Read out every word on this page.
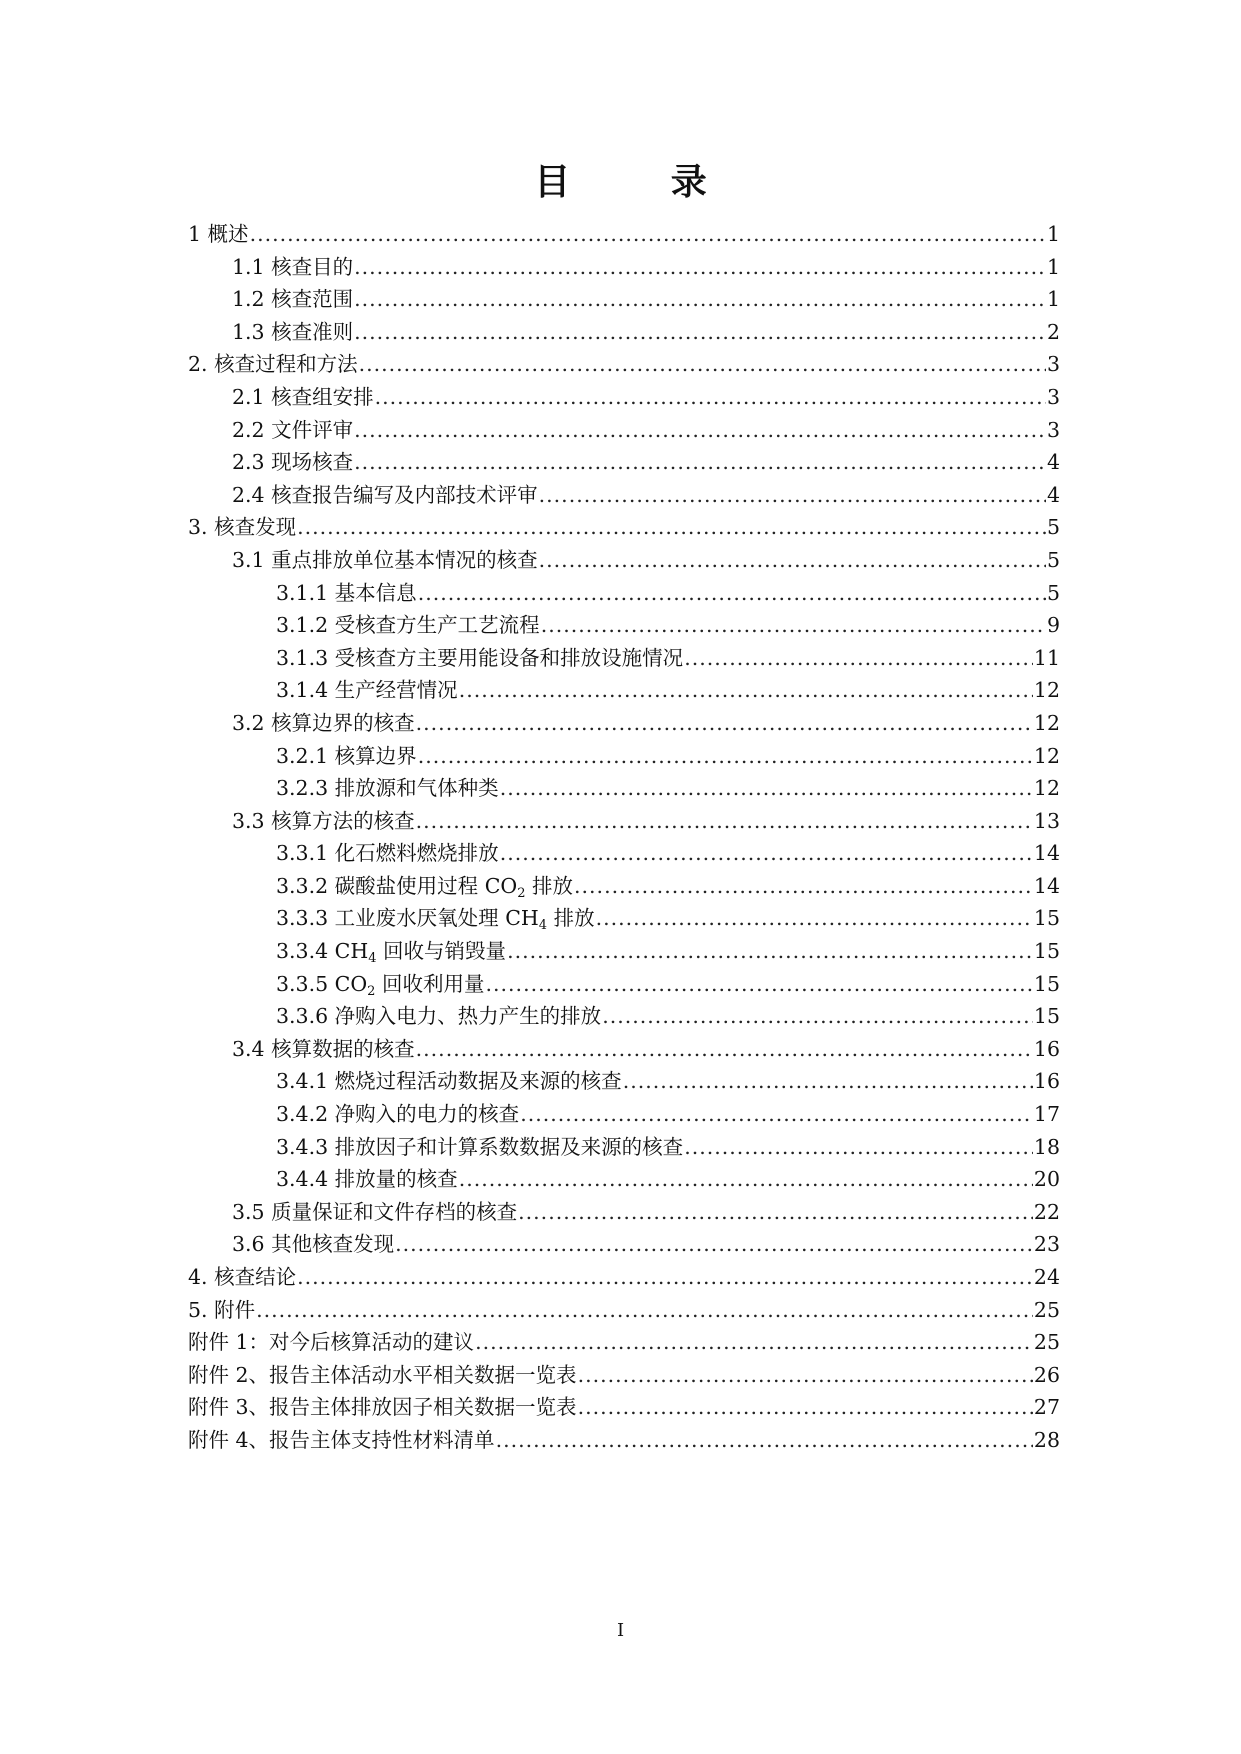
目 录
1 概述 .....	1
1.1 核查目的 .....	1
1.2 核查范围 .....	1
1.3 核查准则 .....	2
2. 核查过程和方法 .....	3
2.1 核查组安排 .....	3
2.2 文件评审 .....	3
2.3 现场核查 .....	4
2.4 核查报告编写及内部技术评审 .....	4
3. 核查发现 .....	5
3.1 重点排放单位基本情况的核查 .....	5
3.1.1 基本信息 .....	5
3.1.2 受核查方生产工艺流程 .....	9
3.1.3 受核查方主要用能设备和排放设施情况 .....	11
3.1.4 生产经营情况 .....	12
3.2 核算边界的核查 .....	12
3.2.1 核算边界 .....	12
3.2.3 排放源和气体种类 .....	12
3.3 核算方法的核查 .....	13
3.3.1 化石燃料燃烧排放 .....	14
3.3.2 碳酸盐使用过程 $CO_2$ 排放 .....	14
3.3.3 工业废水厌氧处理 $CH_4$ 排放 .....	15
3.3.4 $CH_4$ 回收与销毁量 .....	15
3.3.5 $CO_2$ 回收利用量 .....	15
3.3.6 净购入电力、热力产生的排放 .....	15
3.4 核算数据的核查 .....	16
3.4.1 燃烧过程活动数据及来源的核查 .....	16
3.4.2 净购入的电力的核查 .....	17
3.4.3 排放因子和计算系数数据及来源的核查 .....	18
3.4.4 排放量的核查 .....	20
3.5 质量保证和文件存档的核查 .....	22
3.6 其他核查发现 .....	23
4. 核查结论 .....	24
5. 附件 .....	25
附件 1：对今后核算活动的建议 .....	25
附件 2、报告主体活动水平相关数据一览表 .....	26
附件 3、报告主体排放因子相关数据一览表 .....	27
附件 4、报告主体支持性材料清单 .....	28
I
